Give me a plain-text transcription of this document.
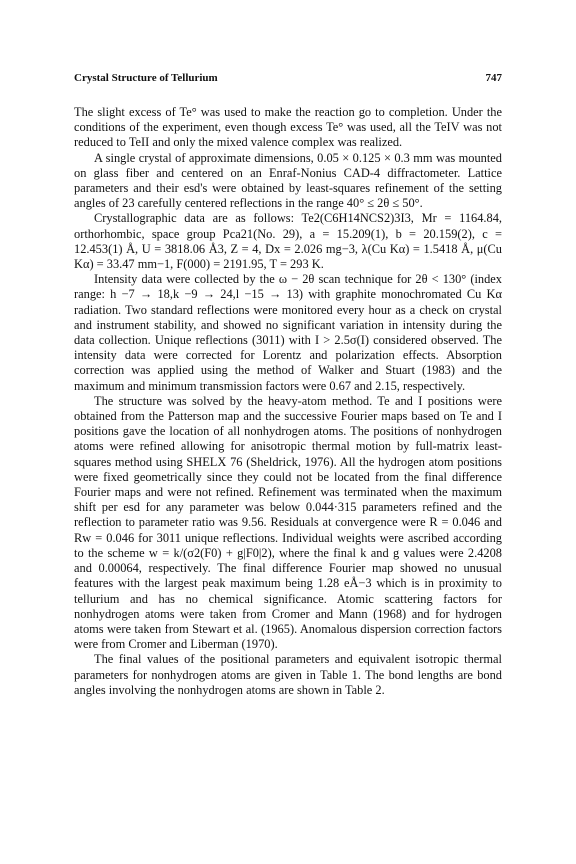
Crystal Structure of Tellurium	747

The slight excess of Te° was used to make the reaction go to completion. Under the conditions of the experiment, even though excess Te° was used, all the TeIV was not reduced to TeII and only the mixed valence complex was realized.

A single crystal of approximate dimensions, 0.05 × 0.125 × 0.3 mm was mounted on glass fiber and centered on an Enraf-Nonius CAD-4 diffractometer. Lattice parameters and their esd's were obtained by least-squares refinement of the setting angles of 23 carefully centered reflections in the range 40° ≤ 2θ ≤ 50°.

Crystallographic data are as follows: Te2(C6H14NCS2)3I3, Mr = 1164.84, orthorhombic, space group Pca21(No. 29), a = 15.209(1), b = 20.159(2), c = 12.453(1) Å, U = 3818.06 Å3, Z = 4, Dx = 2.026 mg−3, λ(Cu Kα) = 1.5418 Å, μ(Cu Kα) = 33.47 mm−1, F(000) = 2191.95, T = 293 K.

Intensity data were collected by the ω − 2θ scan technique for 2θ < 130° (index range: h −7 → 18,k −9 → 24,l −15 → 13) with graphite monochromated Cu Kα radiation. Two standard reflections were monitored every hour as a check on crystal and instrument stability, and showed no significant variation in intensity during the data collection. Unique reflections (3011) with I > 2.5σ(I) considered observed. The intensity data were corrected for Lorentz and polarization effects. Absorption correction was applied using the method of Walker and Stuart (1983) and the maximum and minimum transmission factors were 0.67 and 2.15, respectively.

The structure was solved by the heavy-atom method. Te and I positions were obtained from the Patterson map and the successive Fourier maps based on Te and I positions gave the location of all nonhydrogen atoms. The positions of nonhydrogen atoms were refined allowing for anisotropic thermal motion by full-matrix least-squares method using SHELX 76 (Sheldrick, 1976). All the hydrogen atom positions were fixed geometrically since they could not be located from the final difference Fourier maps and were not refined. Refinement was terminated when the maximum shift per esd for any parameter was below 0.044·315 parameters refined and the reflection to parameter ratio was 9.56. Residuals at convergence were R = 0.046 and Rw = 0.046 for 3011 unique reflections. Individual weights were ascribed according to the scheme w = k/(σ2(F0) + g|F0|2), where the final k and g values were 2.4208 and 0.00064, respectively. The final difference Fourier map showed no unusual features with the largest peak maximum being 1.28 eÅ−3 which is in proximity to tellurium and has no chemical significance. Atomic scattering factors for nonhydrogen atoms were taken from Cromer and Mann (1968) and for hydrogen atoms were taken from Stewart et al. (1965). Anomalous dispersion correction factors were from Cromer and Liberman (1970).

The final values of the positional parameters and equivalent isotropic thermal parameters for nonhydrogen atoms are given in Table 1. The bond lengths are bond angles involving the nonhydrogen atoms are shown in Table 2.
